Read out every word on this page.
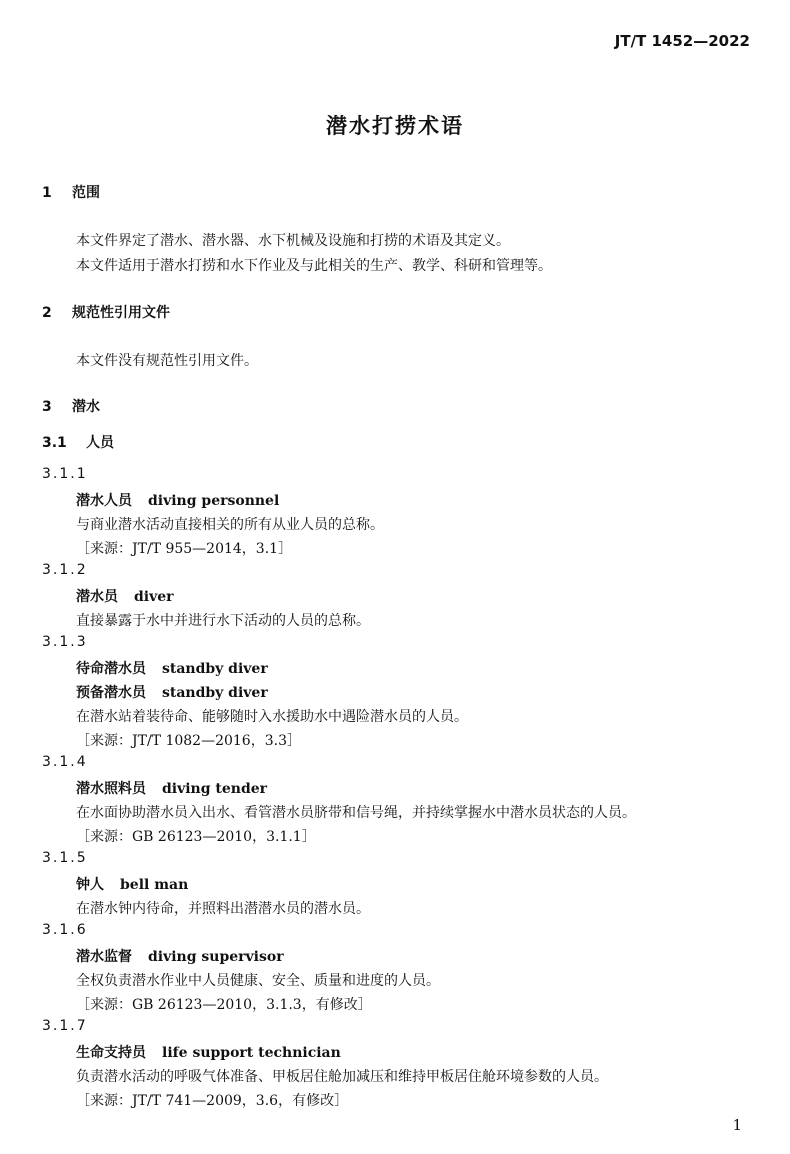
JT/T 1452—2022
潜水打捞术语
1 范围
本文件界定了潜水、潜水器、水下机械及设施和打捞的术语及其定义。
本文件适用于潜水打捞和水下作业及与此相关的生产、教学、科研和管理等。
2 规范性引用文件
本文件没有规范性引用文件。
3 潜水
3.1 人员
3.1.1
潜水人员 diving personnel
与商业潜水活动直接相关的所有从业人员的总称。
［来源：JT/T 955—2014，3.1］
3.1.2
潜水员 diver
直接暴露于水中并进行水下活动的人员的总称。
3.1.3
待命潜水员 standby diver
预备潜水员 standby diver
在潜水站着装待命、能够随时入水援助水中遇险潜水员的人员。
［来源：JT/T 1082—2016，3.3］
3.1.4
潜水照料员 diving tender
在水面协助潜水员入出水、看管潜水员脐带和信号绳，并持续掌握水中潜水员状态的人员。
［来源：GB 26123—2010，3.1.1］
3.1.5
钟人 bell man
在潜水钟内待命，并照料出潜潜水员的潜水员。
3.1.6
潜水监督 diving supervisor
全权负责潜水作业中人员健康、安全、质量和进度的人员。
［来源：GB 26123—2010，3.1.3，有修改］
3.1.7
生命支持员 life support technician
负责潜水活动的呼吸气体准备、甲板居住舱加减压和维持甲板居住舱环境参数的人员。
［来源：JT/T 741—2009，3.6，有修改］
1
